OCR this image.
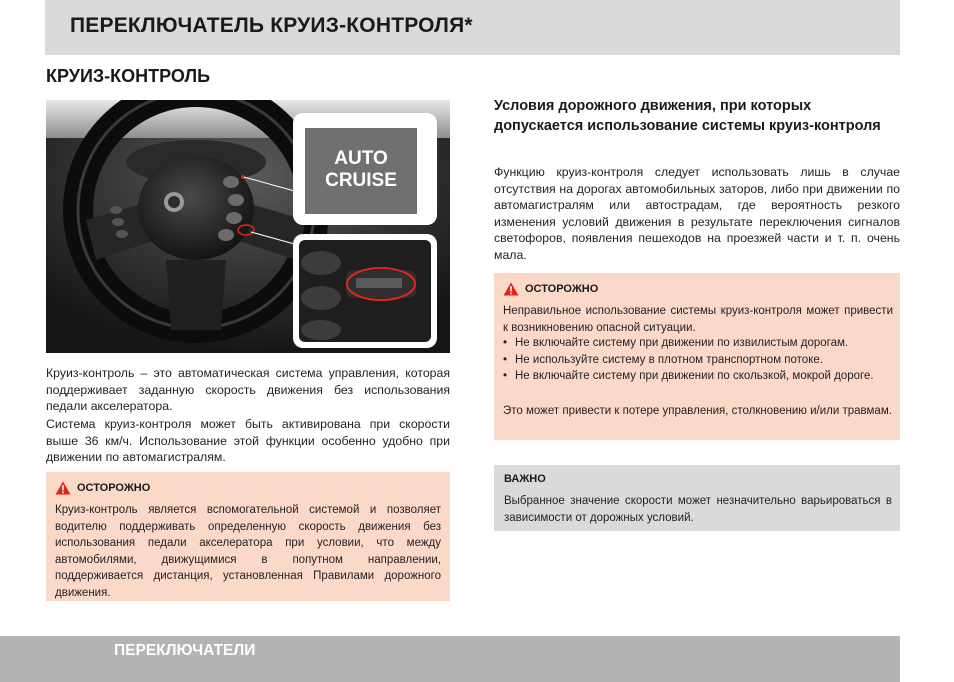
ПЕРЕКЛЮЧАТЕЛЬ КРУИЗ-КОНТРОЛЯ*
КРУИЗ-КОНТРОЛЬ
AUTO
CRUISE

Круиз-контроль – это автоматическая система управления, которая поддерживает заданную скорость движения без использования педали акселератора.

Система круиз-контроля может быть активирована при скорости выше 36 км/ч. Использование этой функции особенно удобно при движении по автомагистралям.

ОСТОРОЖНО

Круиз-контроль является вспомогательной системой и позволяет водителю поддерживать определенную скорость движения без использования педали акселератора при условии, что между автомобилями, движущимися в попутном направлении, поддерживается дистанция, установленная Правилами дорожного движения.

Условия дорожного движения, при которых допускается использование системы круиз-контроля

Функцию круиз-контроля следует использовать лишь в случае отсутствия на дорогах автомобильных заторов, либо при движении по автомагистралям или автострадам, где вероятность резкого изменения условий движения в результате переключения сигналов светофоров, появления пешеходов на проезжей части и т. п. очень мала.

ОСТОРОЖНО

Неправильное использование системы круиз-контроля может привести к возникновению опасной ситуации.

• Не включайте систему при движении по извилистым дорогам.
• Не используйте систему в плотном транспортном потоке.
• Не включайте систему при движении по скользкой, мокрой дороге.

Это может привести к потере управления, столкновению и/или травмам.

ВАЖНО

Выбранное значение скорости может незначительно варьироваться в зависимости от дорожных условий.

ПЕРЕКЛЮЧАТЕЛИ
